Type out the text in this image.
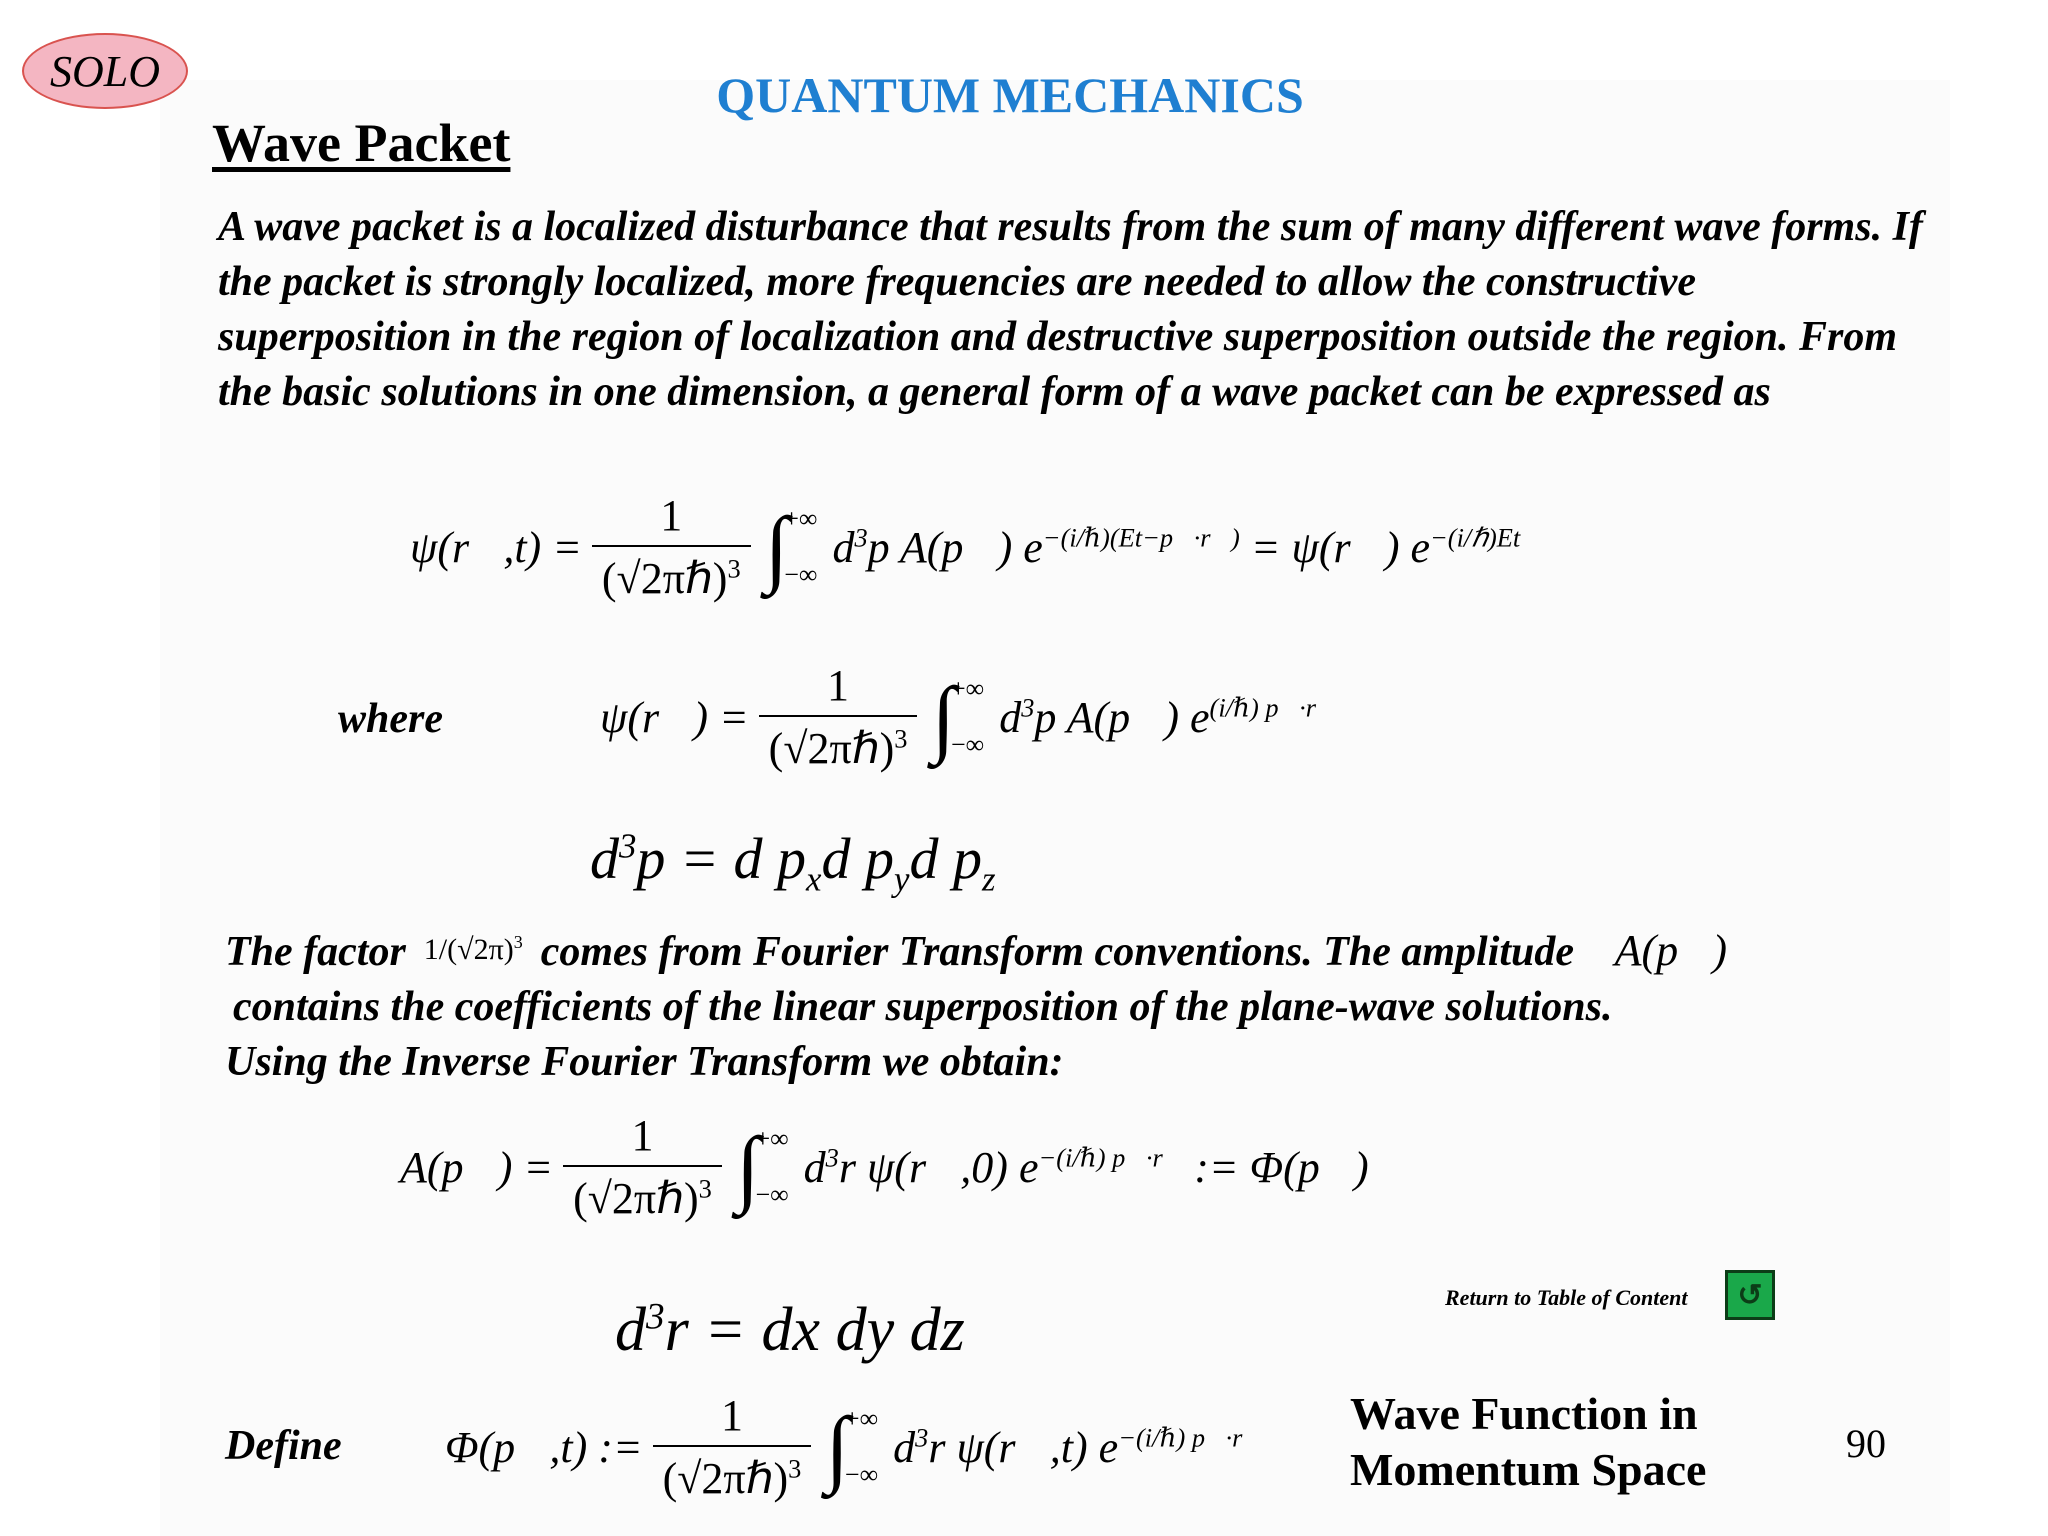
SOLO	QUANTUM MECHANICS
Wave Packet
A wave packet is a localized disturbance that results from the sum of many different wave forms. If the packet is strongly localized, more frequencies are needed to allow the constructive superposition in the region of localization and destructive superposition outside the region. From the basic solutions in one dimension, a general form of a wave packet can be expressed as
ψ(r⃗,t) = $\frac{1}{(√2\pi\hbar)^3}$ ∫
+∞
−∞
$d^3p$ A(p⃗) $e^{-(i/\hbar)(Et-p⃗\cdot r⃗)}$ = ψ(r⃗) $e^{-(i/\hbar)Et}$
where	ψ(r⃗) = $\frac{1}{(√2\pi\hbar)^3}$ ∫
+∞
−∞
$d^3p$ A(p⃗) $e^{(i/\hbar) p⃗\cdot r⃗}$
$d^3p = d$ $p_xd$ $p_yd$ $p_z$
The factor  $1/(√2\pi)^3$ comes from Fourier Transform conventions. The amplitude A(p⃗)
contains the coefficients of the linear superposition of the plane-wave solutions.
Using the Inverse Fourier Transform we obtain:
A(p⃗) = $\frac{1}{(√2\pi\hbar)^3}$ ∫
+∞
−∞
$d^3r$ ψ(r⃗,0) $e^{-(i/\hbar) p⃗\cdot r⃗}$ := Φ(p⃗)
$d^3r$ = dx dy dz	Return to Table of Content ↺
Define Φ(p⃗,t) := $\frac{1}{(√2\pi\hbar)^3}$ ∫
+∞
−∞
$d^3r$ ψ(r⃗,t) $e^{-(i/\hbar) p⃗\cdot r⃗}$ Wave Function in
Momentum Space
90
